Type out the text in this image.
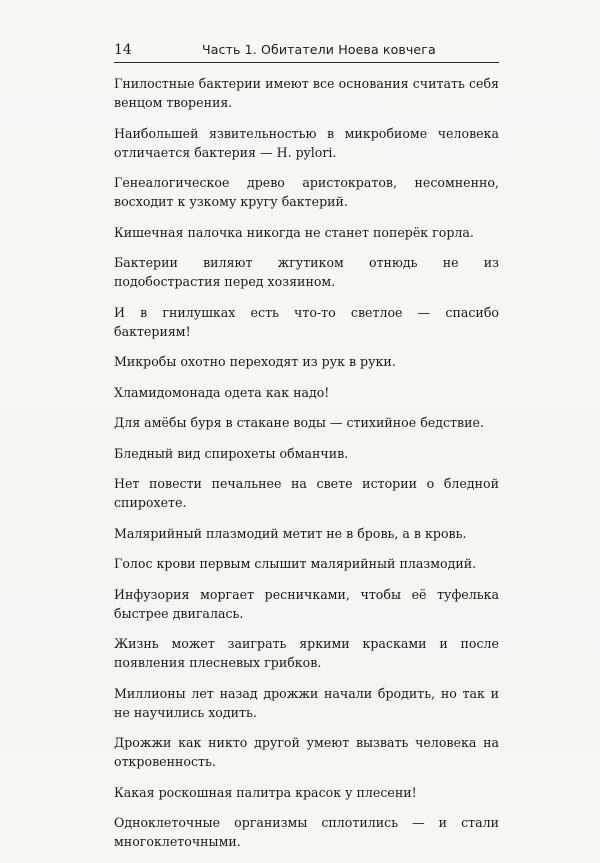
14	Часть 1. Обитатели Ноева ковчега

Гнилостные бактерии имеют все основания считать себя венцом творения.

Наибольшей язвительностью в микробиоме человека отличается бактерия — H. pylori.

Генеалогическое древо аристократов, несомненно, восходит к узкому кругу бактерий.

Кишечная палочка никогда не станет поперёк горла.

Бактерии виляют жгутиком отнюдь не из подобострастия перед хозяином.

И в гнилушках есть что-то светлое — спасибо бактериям!

Микробы охотно переходят из рук в руки.

Хламидомонада одета как надо!

Для амёбы буря в стакане воды — стихийное бедствие.

Бледный вид спирохеты обманчив.

Нет повести печальнее на свете истории о бледной спирохете.

Малярийный плазмодий метит не в бровь, а в кровь.

Голос крови первым слышит малярийный плазмодий.

Инфузория моргает ресничками, чтобы её туфелька быстрее двигалась.

Жизнь может заиграть яркими красками и после появления плесневых грибков.

Миллионы лет назад дрожжи начали бродить, но так и не научились ходить.

Дрожжи как никто другой умеют вызвать человека на откровенность.

Какая роскошная палитра красок у плесени!

Одноклеточные организмы сплотились — и стали многоклеточными.
